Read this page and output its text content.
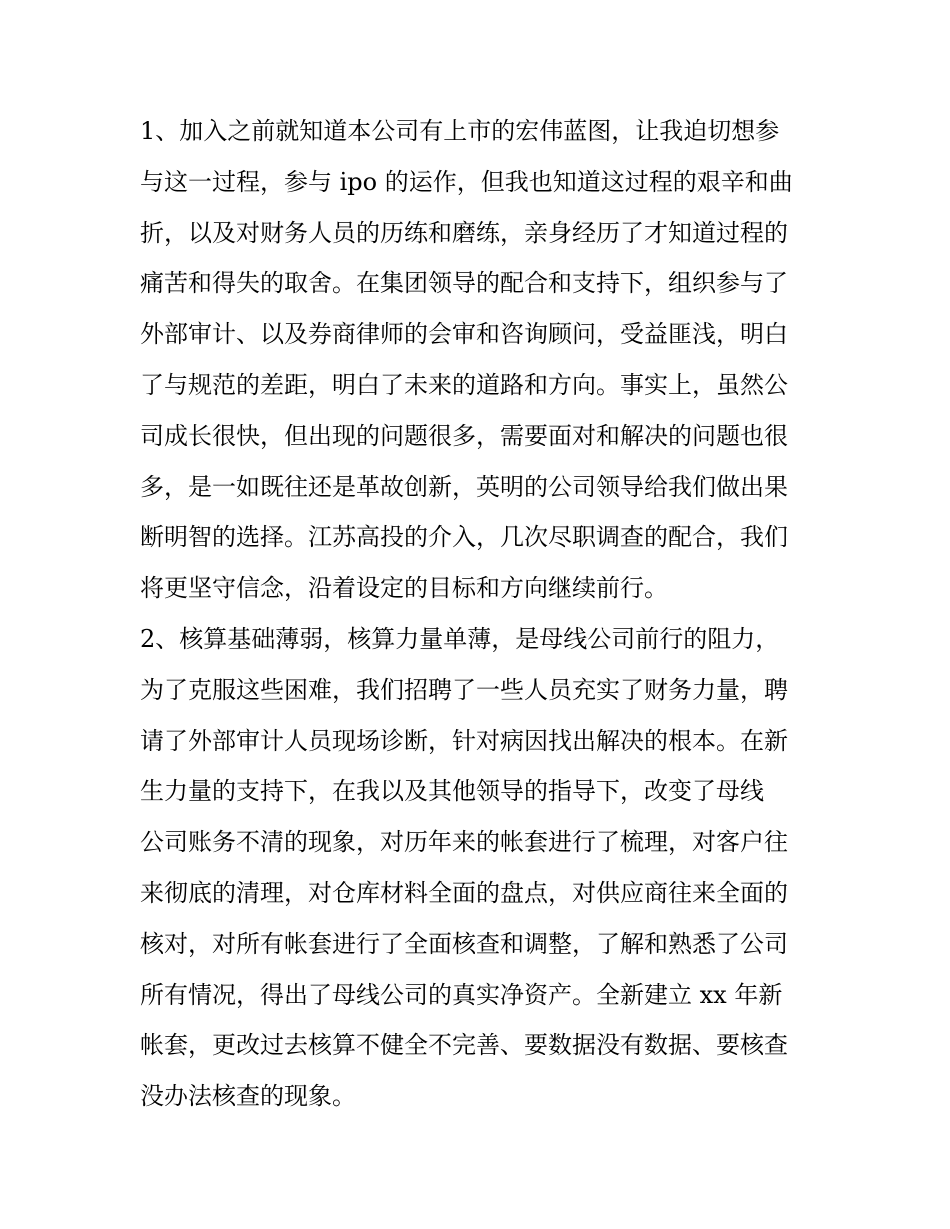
1、加入之前就知道本公司有上市的宏伟蓝图，让我迫切想参
与这一过程，参与 ipo 的运作，但我也知道这过程的艰辛和曲
折，以及对财务人员的历练和磨练，亲身经历了才知道过程的
痛苦和得失的取舍。在集团领导的配合和支持下，组织参与了
外部审计、以及券商律师的会审和咨询顾问，受益匪浅，明白
了与规范的差距，明白了未来的道路和方向。事实上，虽然公
司成长很快，但出现的问题很多，需要面对和解决的问题也很
多，是一如既往还是革故创新，英明的公司领导给我们做出果
断明智的选择。江苏高投的介入，几次尽职调查的配合，我们
将更坚守信念，沿着设定的目标和方向继续前行。
2、核算基础薄弱，核算力量单薄，是母线公司前行的阻力，
为了克服这些困难，我们招聘了一些人员充实了财务力量，聘
请了外部审计人员现场诊断，针对病因找出解决的根本。在新
生力量的支持下，在我以及其他领导的指导下，改变了母线
公司账务不清的现象，对历年来的帐套进行了梳理，对客户往
来彻底的清理，对仓库材料全面的盘点，对供应商往来全面的
核对，对所有帐套进行了全面核查和调整，了解和熟悉了公司
所有情况，得出了母线公司的真实净资产。全新建立 xx 年新
帐套，更改过去核算不健全不完善、要数据没有数据、要核查
没办法核查的现象。
